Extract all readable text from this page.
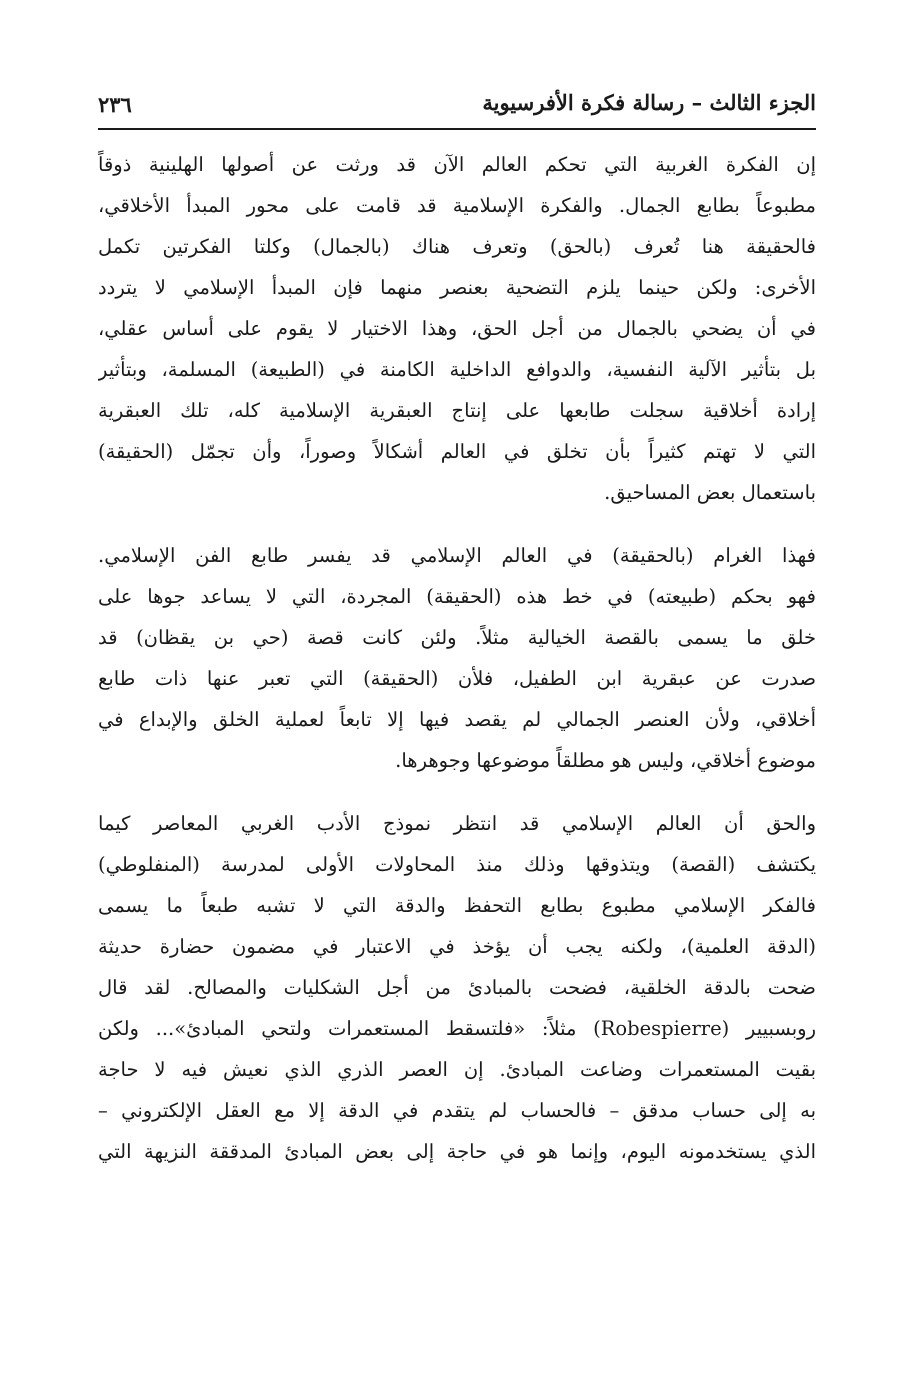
الجزء الثالث – رسالة فكرة الأفرسيوية
٢٣٦
إن الفكرة الغربية التي تحكم العالم الآن قد ورثت عن أصولها الهلينية ذوقاً
مطبوعاً بطابع الجمال. والفكرة الإسلامية قد قامت على محور المبدأ الأخلاقي،
فالحقيقة هنا تُعرف (بالحق) وتعرف هناك (بالجمال) وكلتا الفكرتين تكمل
الأخرى: ولكن حينما يلزم التضحية بعنصر منهما فإن المبدأ الإسلامي لا يتردد
في أن يضحي بالجمال من أجل الحق، وهذا الاختيار لا يقوم على أساس عقلي،
بل بتأثير الآلية النفسية، والدوافع الداخلية الكامنة في (الطبيعة) المسلمة، وبتأثير
إرادة أخلاقية سجلت طابعها على إنتاج العبقرية الإسلامية كله، تلك العبقرية
التي لا تهتم كثيراً بأن تخلق في العالم أشكالاً وصوراً، وأن تجمّل (الحقيقة)
باستعمال بعض المساحيق.
فهذا الغرام (بالحقيقة) في العالم الإسلامي قد يفسر طابع الفن الإسلامي.
فهو بحكم (طبيعته) في خط هذه (الحقيقة) المجردة، التي لا يساعد جوها على
خلق ما يسمى بالقصة الخيالية مثلاً. ولئن كانت قصة (حي بن يقظان) قد
صدرت عن عبقرية ابن الطفيل، فلأن (الحقيقة) التي تعبر عنها ذات طابع
أخلاقي، ولأن العنصر الجمالي لم يقصد فيها إلا تابعاً لعملية الخلق والإبداع في
موضوع أخلاقي، وليس هو مطلقاً موضوعها وجوهرها.
والحق أن العالم الإسلامي قد انتظر نموذج الأدب الغربي المعاصر كيما
يكتشف (القصة) ويتذوقها وذلك منذ المحاولات الأولى لمدرسة (المنفلوطي)
فالفكر الإسلامي مطبوع بطابع التحفظ والدقة التي لا تشبه طبعاً ما يسمى
(الدقة العلمية)، ولكنه يجب أن يؤخذ في الاعتبار في مضمون حضارة حديثة
ضحت بالدقة الخلقية، فضحت بالمبادئ من أجل الشكليات والمصالح. لقد قال
روبسبيير (Robespierre) مثلاً: «فلتسقط المستعمرات ولتحي المبادئ»... ولكن
بقيت المستعمرات وضاعت المبادئ. إن العصر الذري الذي نعيش فيه لا حاجة
به إلى حساب مدقق – فالحساب لم يتقدم في الدقة إلا مع العقل الإلكتروني –
الذي يستخدمونه اليوم، وإنما هو في حاجة إلى بعض المبادئ المدققة النزيهة التي
